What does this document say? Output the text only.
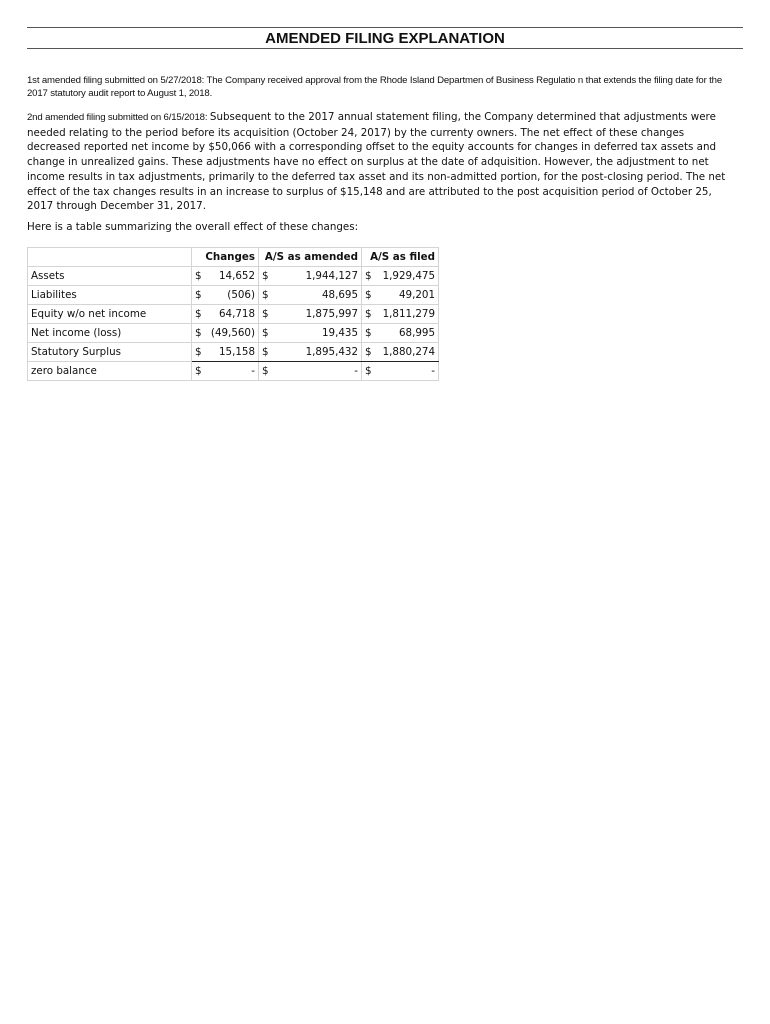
AMENDED FILING EXPLANATION
1st amended filing submitted on 5/27/2018: The Company received approval from the Rhode Island Departmen of Business Regulatio n that extends the filing date for the 2017 statutory audit report to August 1, 2018.
2nd amended filing submitted on 6/15/2018: Subsequent to the 2017 annual statement filing, the Company determined that adjustments were needed relating to the period before its acquisition (October 24, 2017) by the currenty owners. The net effect of these changes decreased reported net income by $50,066 with a corresponding offset to the equity accounts for changes in deferred tax assets and change in unrealized gains. These adjustments have no effect on surplus at the date of adquisition. However, the adjustment to net income results in tax adjustments, primarily to the deferred tax asset and its non-admitted portion, for the post-closing period. The net effect of the tax changes results in an increase to surplus of $15,148 and are attributed to the post acquisition period of October 25, 2017 through December 31, 2017.
Here is a table summarizing the overall effect of these changes:
	Changes	A/S as amended	A/S as filed
Assets	$ 14,652	$ 1,944,127	$ 1,929,475

Liabilites	$ (506)	$ 48,695	$ 49,201

Equity w/o net income	$ 64,718	$ 1,875,997	$ 1,811,279

Net income (loss)	$ (49,560)	$ 19,435	$ 68,995

Statutory Surplus	$ 15,158	$ 1,895,432	$ 1,880,274

zero balance	$ -	$ -	$ -
